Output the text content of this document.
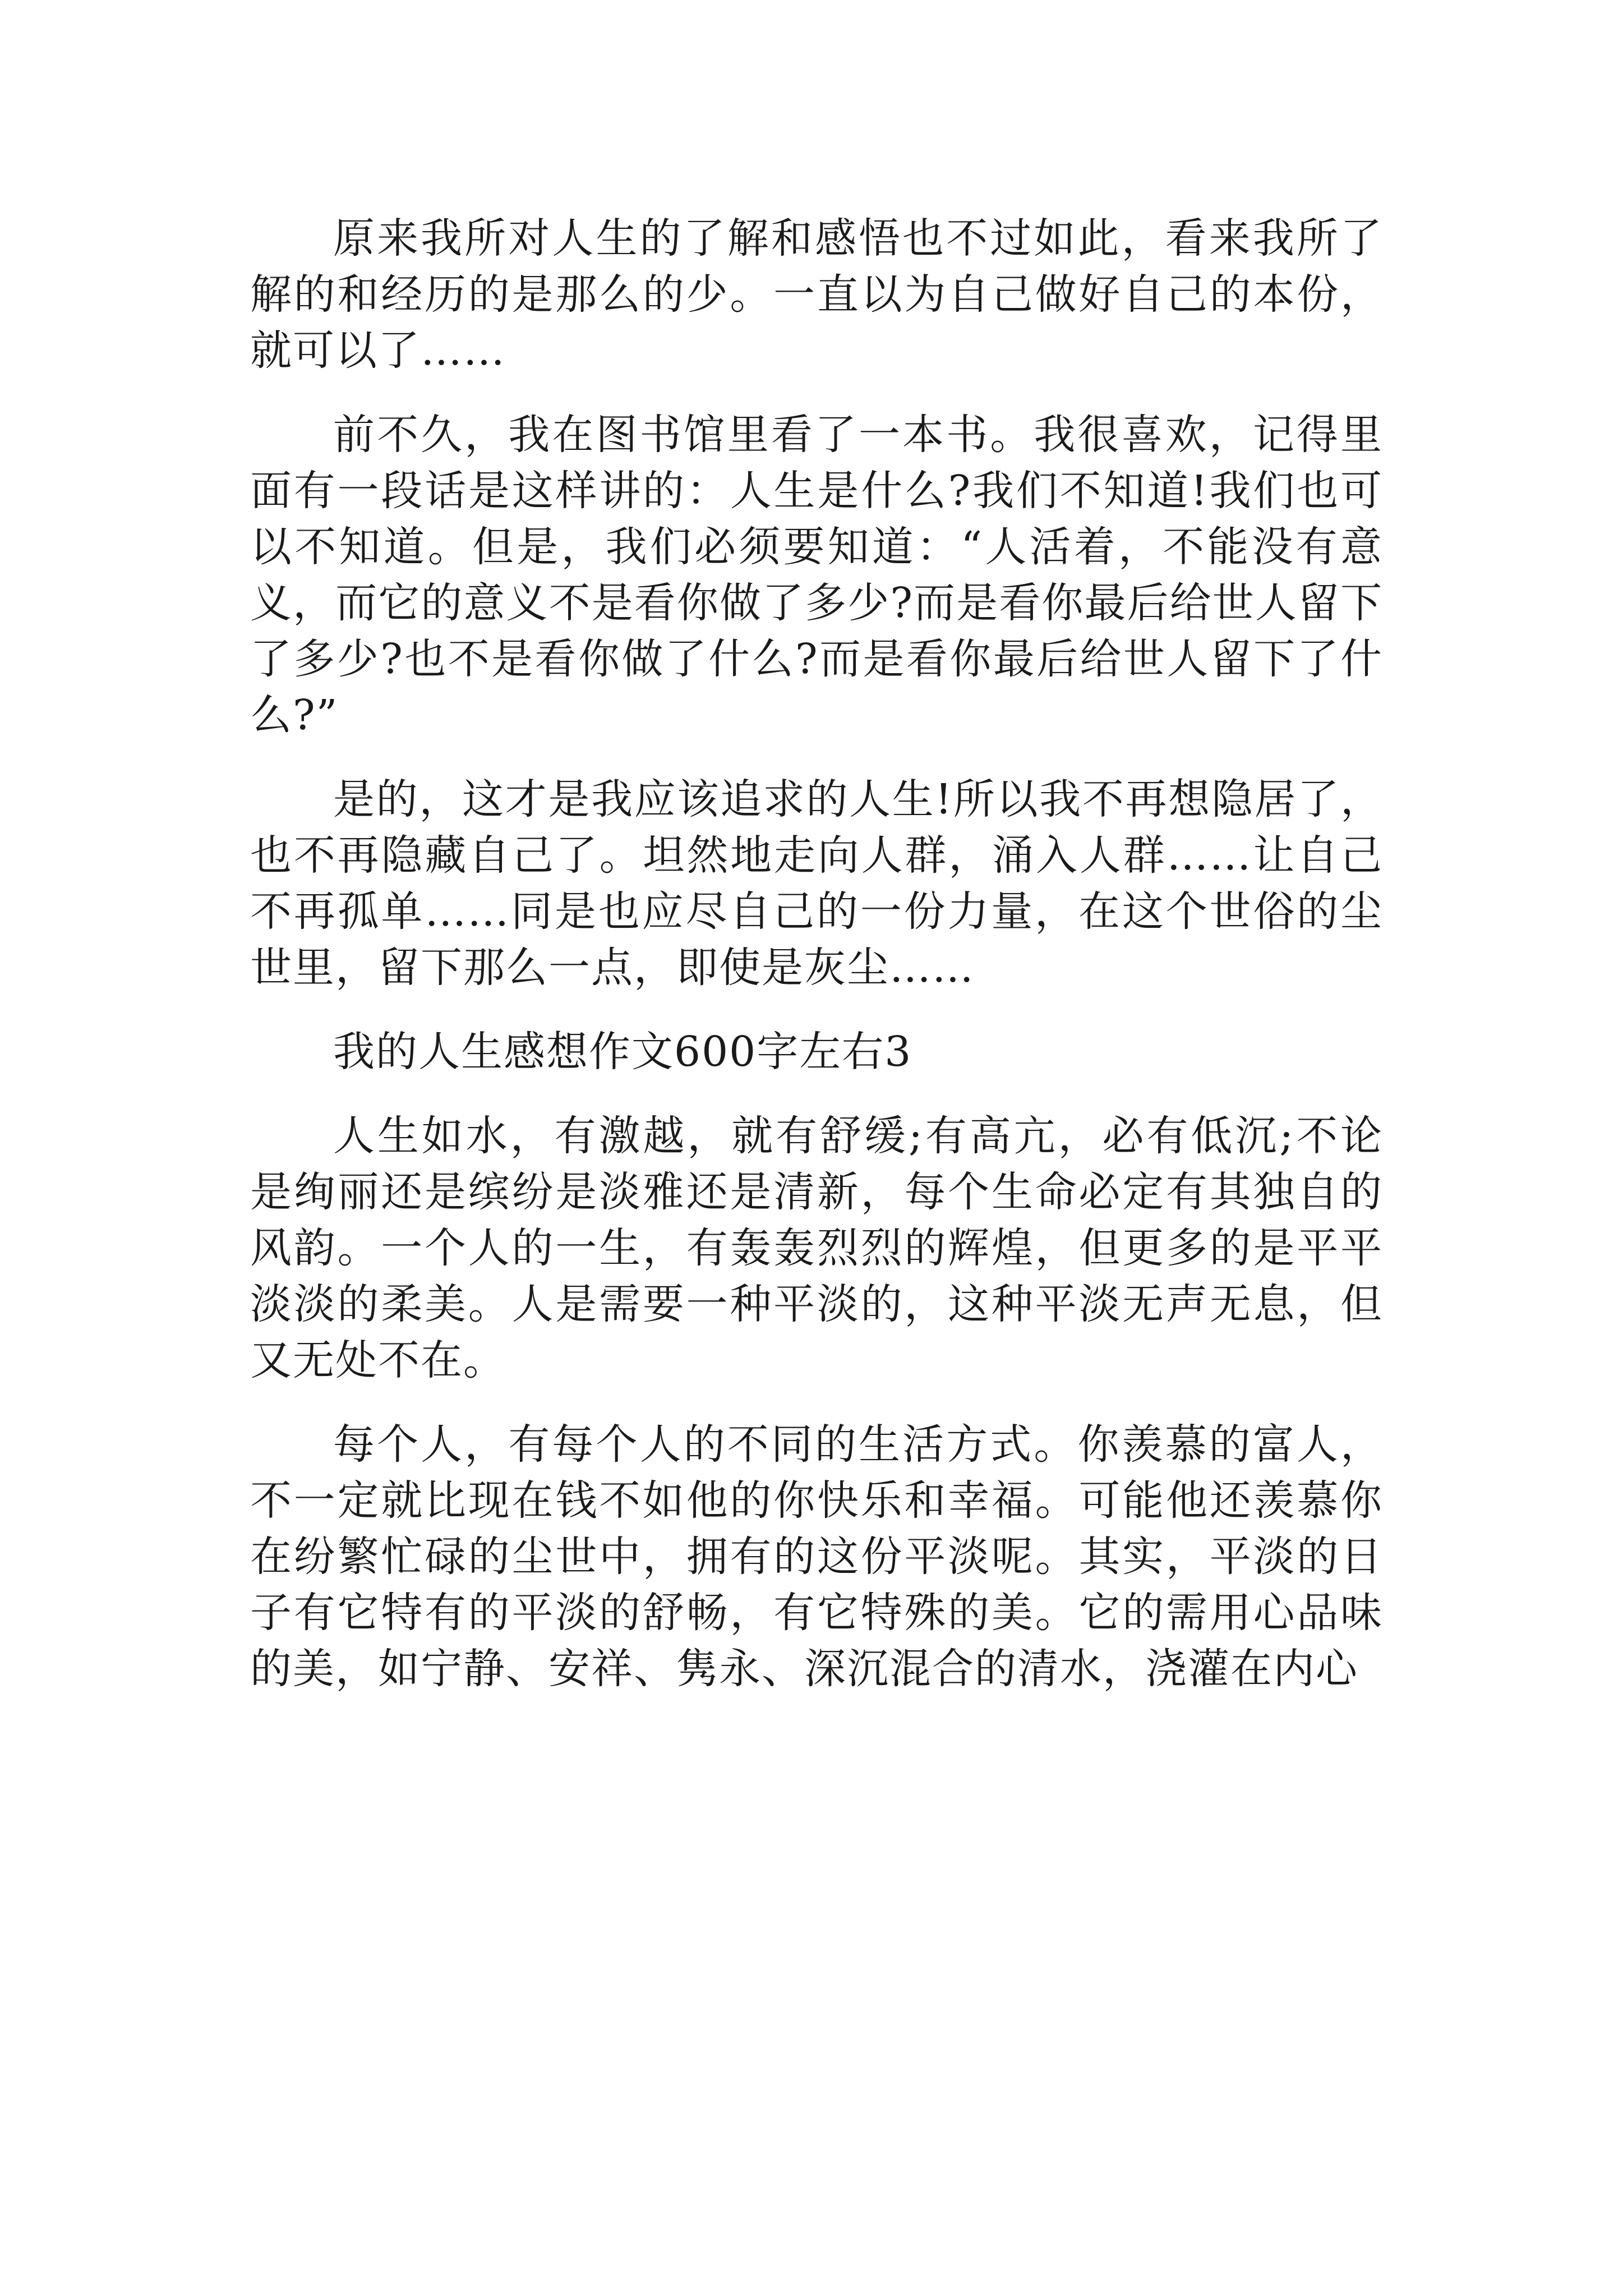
原来我所对人生的了解和感悟也不过如此，看来我所了解的和经历的是那么的少。一直以为自己做好自己的本份，就可以了……

前不久，我在图书馆里看了一本书。我很喜欢，记得里面有一段话是这样讲的：人生是什么?我们不知道!我们也可以不知道。但是，我们必须要知道：“人活着，不能没有意义，而它的意义不是看你做了多少?而是看你最后给世人留下了多少?也不是看你做了什么?而是看你最后给世人留下了什么?”

是的，这才是我应该追求的人生!所以我不再想隐居了，也不再隐藏自己了。坦然地走向人群，涌入人群……让自己不再孤单……同是也应尽自己的一份力量，在这个世俗的尘世里，留下那么一点，即使是灰尘……

我的人生感想作文600字左右3

人生如水，有激越，就有舒缓;有高亢，必有低沉;不论是绚丽还是缤纷是淡雅还是清新，每个生命必定有其独自的风韵。一个人的一生，有轰轰烈烈的辉煌，但更多的是平平淡淡的柔美。人是需要一种平淡的，这种平淡无声无息，但又无处不在。

每个人，有每个人的不同的生活方式。你羡慕的富人，不一定就比现在钱不如他的你快乐和幸福。可能他还羡慕你在纷繁忙碌的尘世中，拥有的这份平淡呢。其实，平淡的日子有它特有的平淡的舒畅，有它特殊的美。它的需用心品味的美，如宁静、安祥、隽永、深沉混合的清水，浇灌在内心
